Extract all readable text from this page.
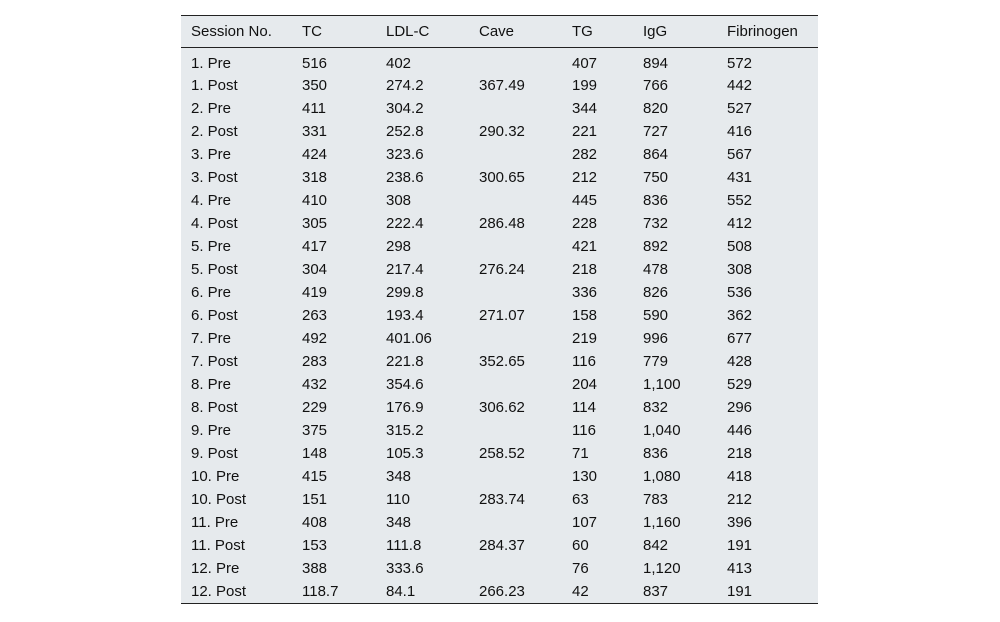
Session No.	TC	LDL-C	Cave	TG	IgG	Fibrinogen
1. Pre	516	402		407	894	572
1. Post	350	274.2	367.49	199	766	442
2. Pre	411	304.2		344	820	527
2. Post	331	252.8	290.32	221	727	416
3. Pre	424	323.6		282	864	567
3. Post	318	238.6	300.65	212	750	431
4. Pre	410	308		445	836	552
4. Post	305	222.4	286.48	228	732	412
5. Pre	417	298		421	892	508
5. Post	304	217.4	276.24	218	478	308
6. Pre	419	299.8		336	826	536
6. Post	263	193.4	271.07	158	590	362
7. Pre	492	401.06		219	996	677
7. Post	283	221.8	352.65	116	779	428
8. Pre	432	354.6		204	1,100	529
8. Post	229	176.9	306.62	114	832	296
9. Pre	375	315.2		116	1,040	446
9. Post	148	105.3	258.52	71	836	218
10. Pre	415	348		130	1,080	418
10. Post	151	110	283.74	63	783	212
11. Pre	408	348		107	1,160	396
11. Post	153	111.8	284.37	60	842	191
12. Pre	388	333.6		76	1,120	413
12. Post	118.7	84.1	266.23	42	837	191
